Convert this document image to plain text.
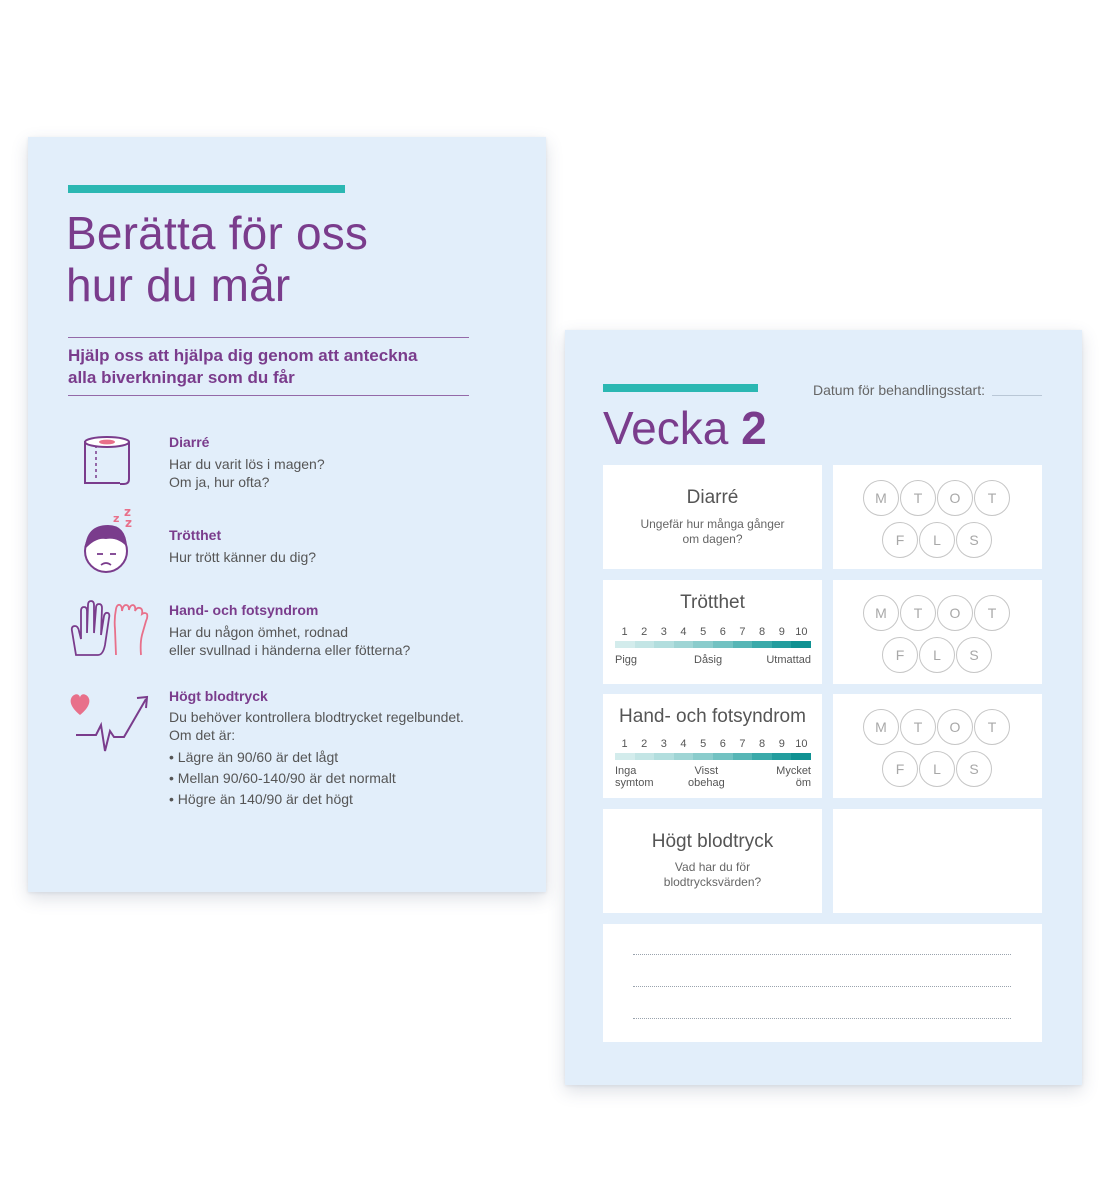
Berätta för oss
hur du mår
Hjälp oss att hjälpa dig genom att anteckna
alla biverkningar som du får
Diarré
Har du varit lös i magen?
Om ja, hur ofta?
z z
z
Trötthet
Hur trött känner du dig?
Hand- och fotsyndrom
Har du någon ömhet, rodnad
eller svullnad i händerna eller fötterna?
Högt blodtryck
Du behöver kontrollera blodtrycket regelbundet.
Om det är:
• Lägre än 90/60 är det lågt
• Mellan 90/60-140/90 är det normalt
• Högre än 140/90 är det högt
Datum för behandlingsstart:
Vecka 2
Diarré
Ungefär hur många gånger
om dagen?
M	T	O	T
F	L	S
Trötthet
1	2	3	4	5	6	7	8	9 10
Pigg	Dåsig	Utmattad
M	T	O	T
F	L	S
Hand- och fotsyndrom
1	2	3	4	5	6	7	8	9 10
Inga
symtom
Visst
obehag
Mycket
öm
M	T	O	T
F	L	S
Högt blodtryck
Vad har du för
blodtrycksvärden?
